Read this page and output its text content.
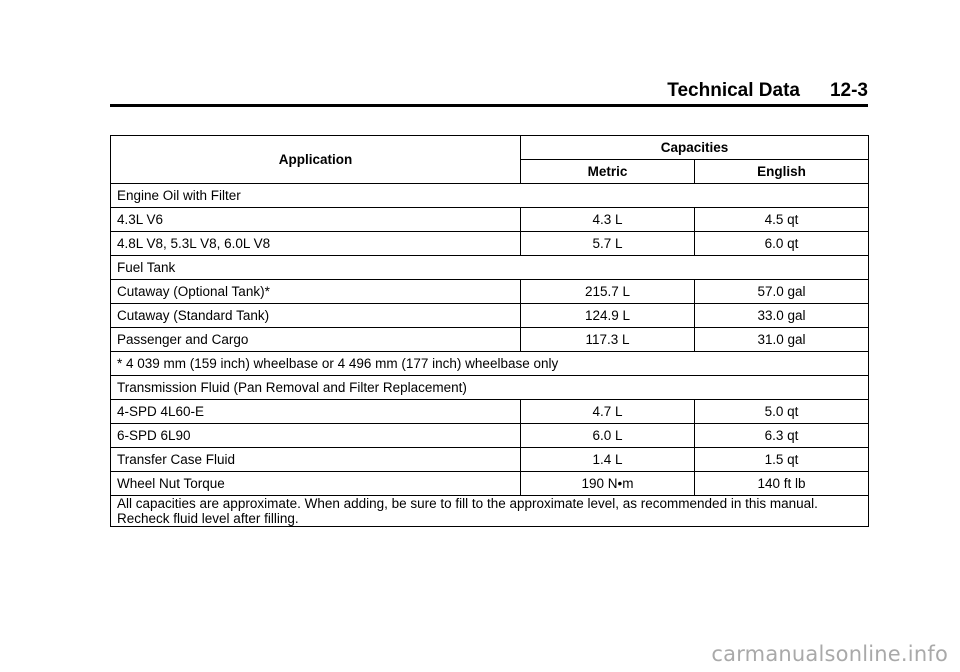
Technical Data 12-3
Application	Capacities	
	Metric	English
Engine Oil with Filter		
4.3L V6	4.3 L	4.5 qt
4.8L V8, 5.3L V8, 6.0L V8	5.7 L	6.0 qt
Fuel Tank		
Cutaway (Optional Tank)*	215.7 L	57.0 gal
Cutaway (Standard Tank)	124.9 L	33.0 gal
Passenger and Cargo	117.3 L	31.0 gal
* 4 039 mm (159 inch) wheelbase or 4 496 mm (177 inch) wheelbase only		
Transmission Fluid (Pan Removal and Filter Replacement)		
4-SPD 4L60-E	4.7 L	5.0 qt
6-SPD 6L90	6.0 L	6.3 qt
Transfer Case Fluid	1.4 L	1.5 qt
Wheel Nut Torque	190 N•m	140 ft lb
All capacities are approximate. When adding, be sure to fill to the approximate level, as recommended in this manual. Recheck fluid level after filling.		
carmanualsonline.info
